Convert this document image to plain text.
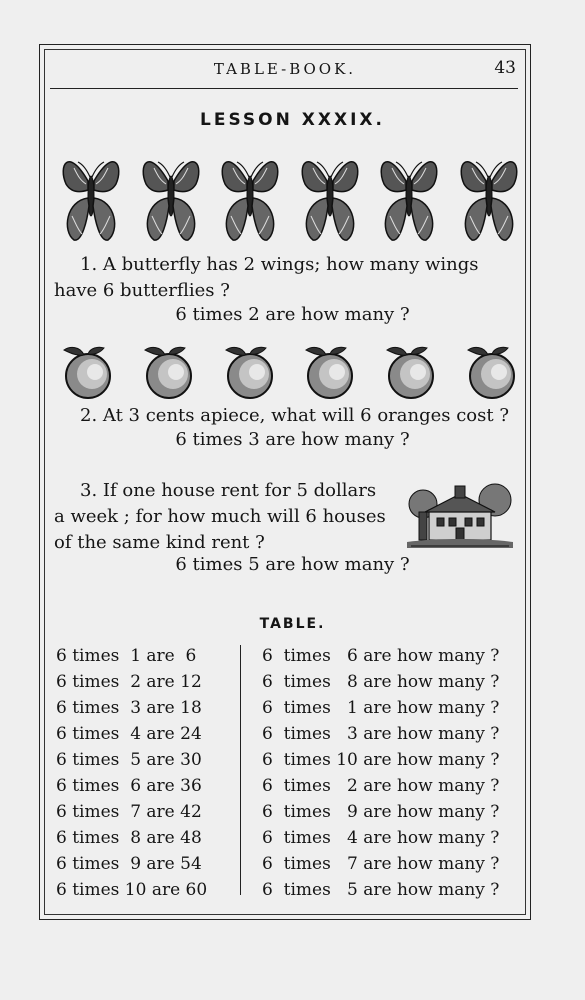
TABLE-BOOK.	43
LESSON XXXIX.
1. A butterfly has 2 wings; how many wings
have 6 butterflies ?
6 times 2 are how many ?
2. At 3 cents apiece, what will 6 oranges cost ?
6 times 3 are how many ?
3. If one house rent for 5 dollars
a week ; for how much will 6 houses
of the same kind rent ?
6 times 5 are how many ?
TABLE.
6 times  1 are  6
6 times  2 are 12
6 times  3 are 18
6 times  4 are 24
6 times  5 are 30
6 times  6 are 36
6 times  7 are 42
6 times  8 are 48
6 times  9 are 54
6 times 10 are 60
6  times   6 are how many ?
6  times   8 are how many ?
6  times   1 are how many ?
6  times   3 are how many ?
6  times 10 are how many ?
6  times   2 are how many ?
6  times   9 are how many ?
6  times   4 are how many ?
6  times   7 are how many ?
6  times   5 are how many ?
